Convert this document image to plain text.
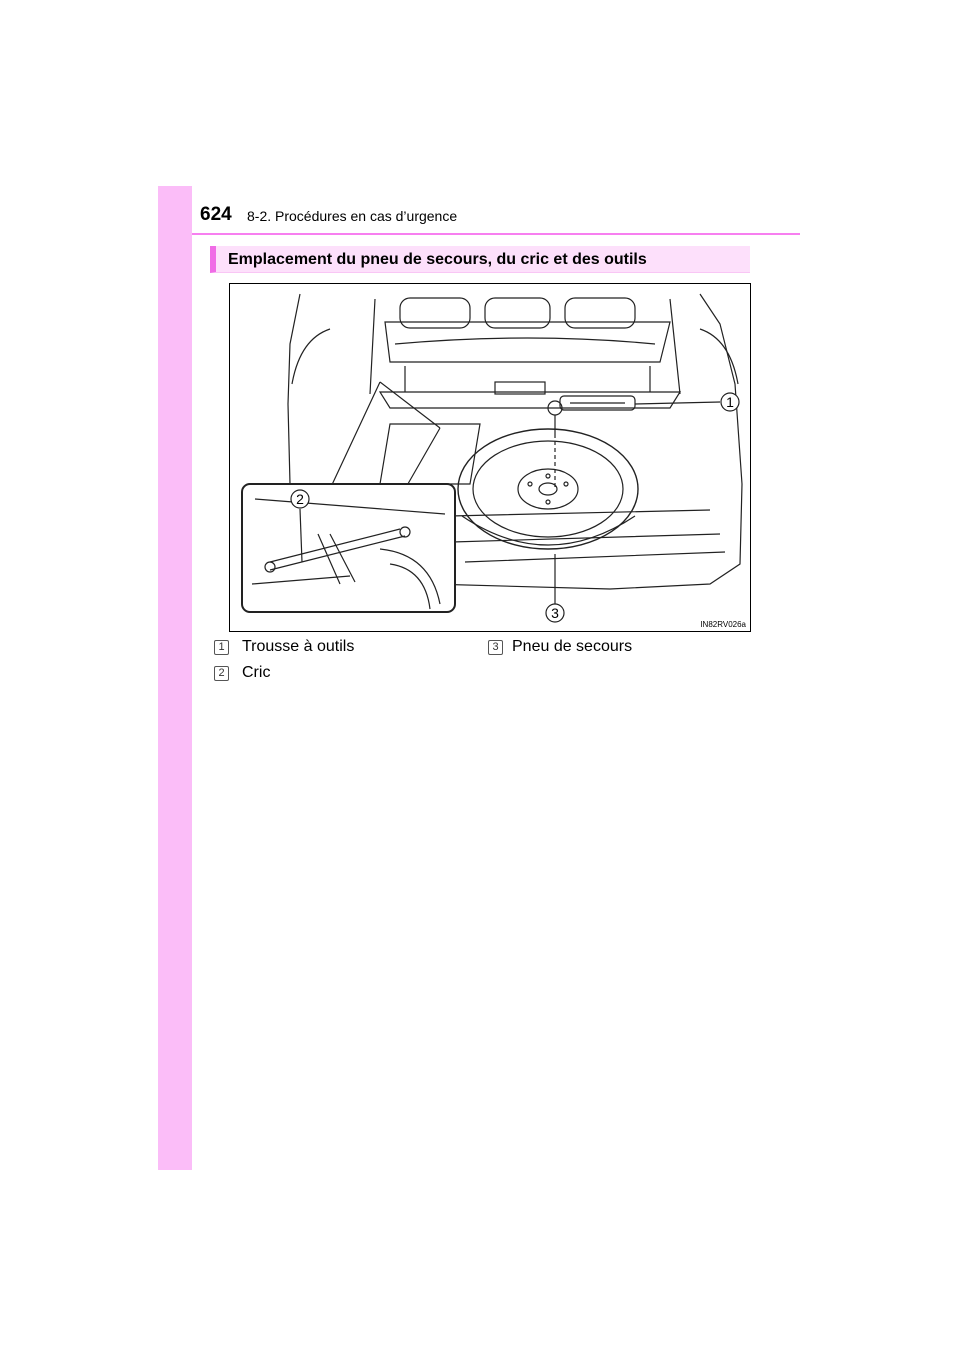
624 8-2. Procédures en cas d’urgence
Emplacement du pneu de secours, du cric et des outils
1
2
3
IN82RV026a
1 Trousse à outils
2 Cric
3 Pneu de secours
